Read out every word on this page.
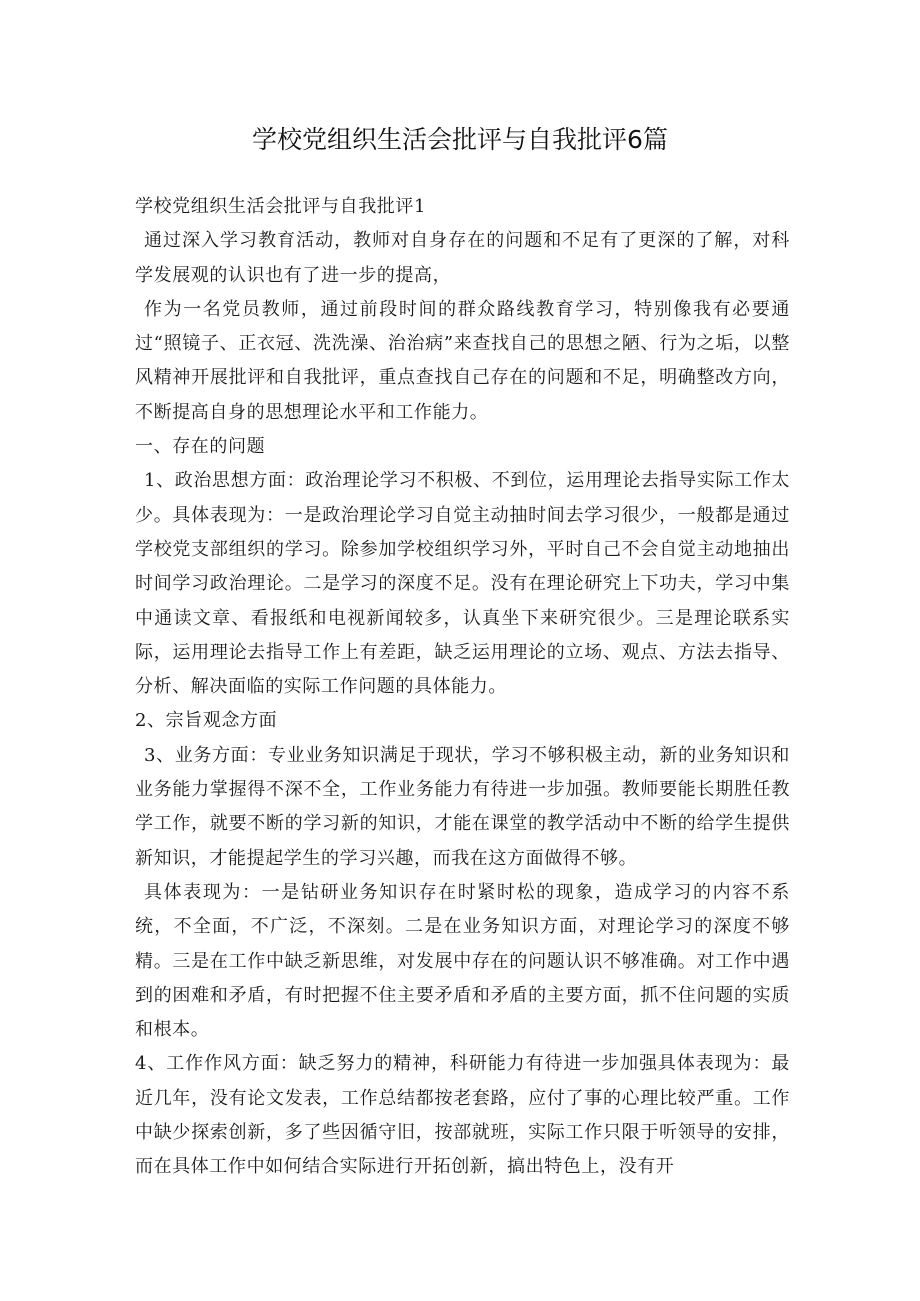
学校党组织生活会批评与自我批评6篇

学校党组织生活会批评与自我批评1

通过深入学习教育活动，教师对自身存在的问题和不足有了更深的了解，对科学发展观的认识也有了进一步的提高，

作为一名党员教师，通过前段时间的群众路线教育学习，特别像我有必要通过“照镜子、正衣冠、洗洗澡、治治病”来查找自己的思想之陋、行为之垢，以整风精神开展批评和自我批评，重点查找自己存在的问题和不足，明确整改方向，不断提高自身的思想理论水平和工作能力。

一、存在的问题

1、政治思想方面：政治理论学习不积极、不到位，运用理论去指导实际工作太少。具体表现为：一是政治理论学习自觉主动抽时间去学习很少，一般都是通过学校党支部组织的学习。除参加学校组织学习外，平时自己不会自觉主动地抽出时间学习政治理论。二是学习的深度不足。没有在理论研究上下功夫，学习中集中通读文章、看报纸和电视新闻较多，认真坐下来研究很少。三是理论联系实际，运用理论去指导工作上有差距，缺乏运用理论的立场、观点、方法去指导、分析、解决面临的实际工作问题的具体能力。

2、宗旨观念方面

3、业务方面：专业业务知识满足于现状，学习不够积极主动，新的业务知识和业务能力掌握得不深不全，工作业务能力有待进一步加强。教师要能长期胜任教学工作，就要不断的学习新的知识，才能在课堂的教学活动中不断的给学生提供新知识，才能提起学生的学习兴趣，而我在这方面做得不够。

具体表现为：一是钻研业务知识存在时紧时松的现象，造成学习的内容不系统，不全面，不广泛，不深刻。二是在业务知识方面，对理论学习的深度不够精。三是在工作中缺乏新思维，对发展中存在的问题认识不够准确。对工作中遇到的困难和矛盾，有时把握不住主要矛盾和矛盾的主要方面，抓不住问题的实质和根本。

4、工作作风方面：缺乏努力的精神，科研能力有待进一步加强具体表现为：最近几年，没有论文发表，工作总结都按老套路，应付了事的心理比较严重。工作中缺少探索创新，多了些因循守旧，按部就班，实际工作只限于听领导的安排，而在具体工作中如何结合实际进行开拓创新，搞出特色上，没有开
